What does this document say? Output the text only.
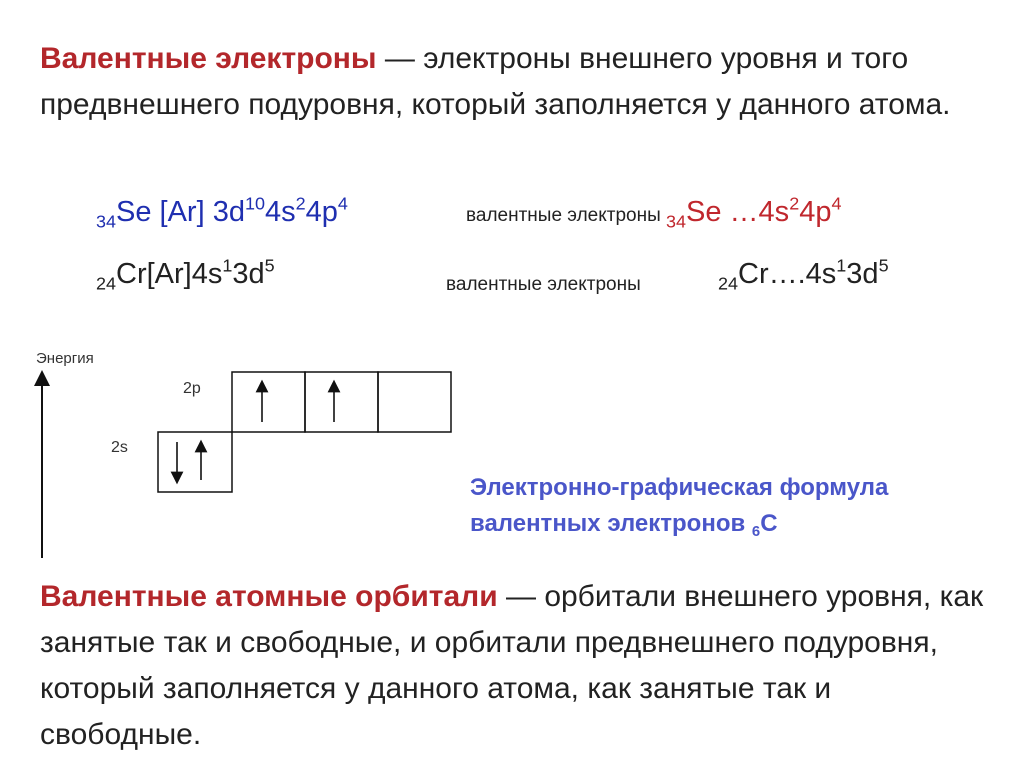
Валентные электроны — электроны внешнего уровня и того предвнешнего подуровня, который заполняется у данного атома.

$_{34}$Se [Ar] $3d^{10}4s^24p^4$
валентные электроны $_{34}$Se $\dots 4s^24p^4$
$_{24}Cr[Ar]4s^13d^5$
валентные электроны	$_{24}Cr\dots.4s^13d^5$
Энергия
2p
2s
Электронно-графическая формула
валентных электронов $_6$С

Валентные атомные орбитали — орбитали внешнего уровня, как занятые так и свободные, и орбитали предвнешнего подуровня, который заполняется у данного атома, как занятые так и свободные.
